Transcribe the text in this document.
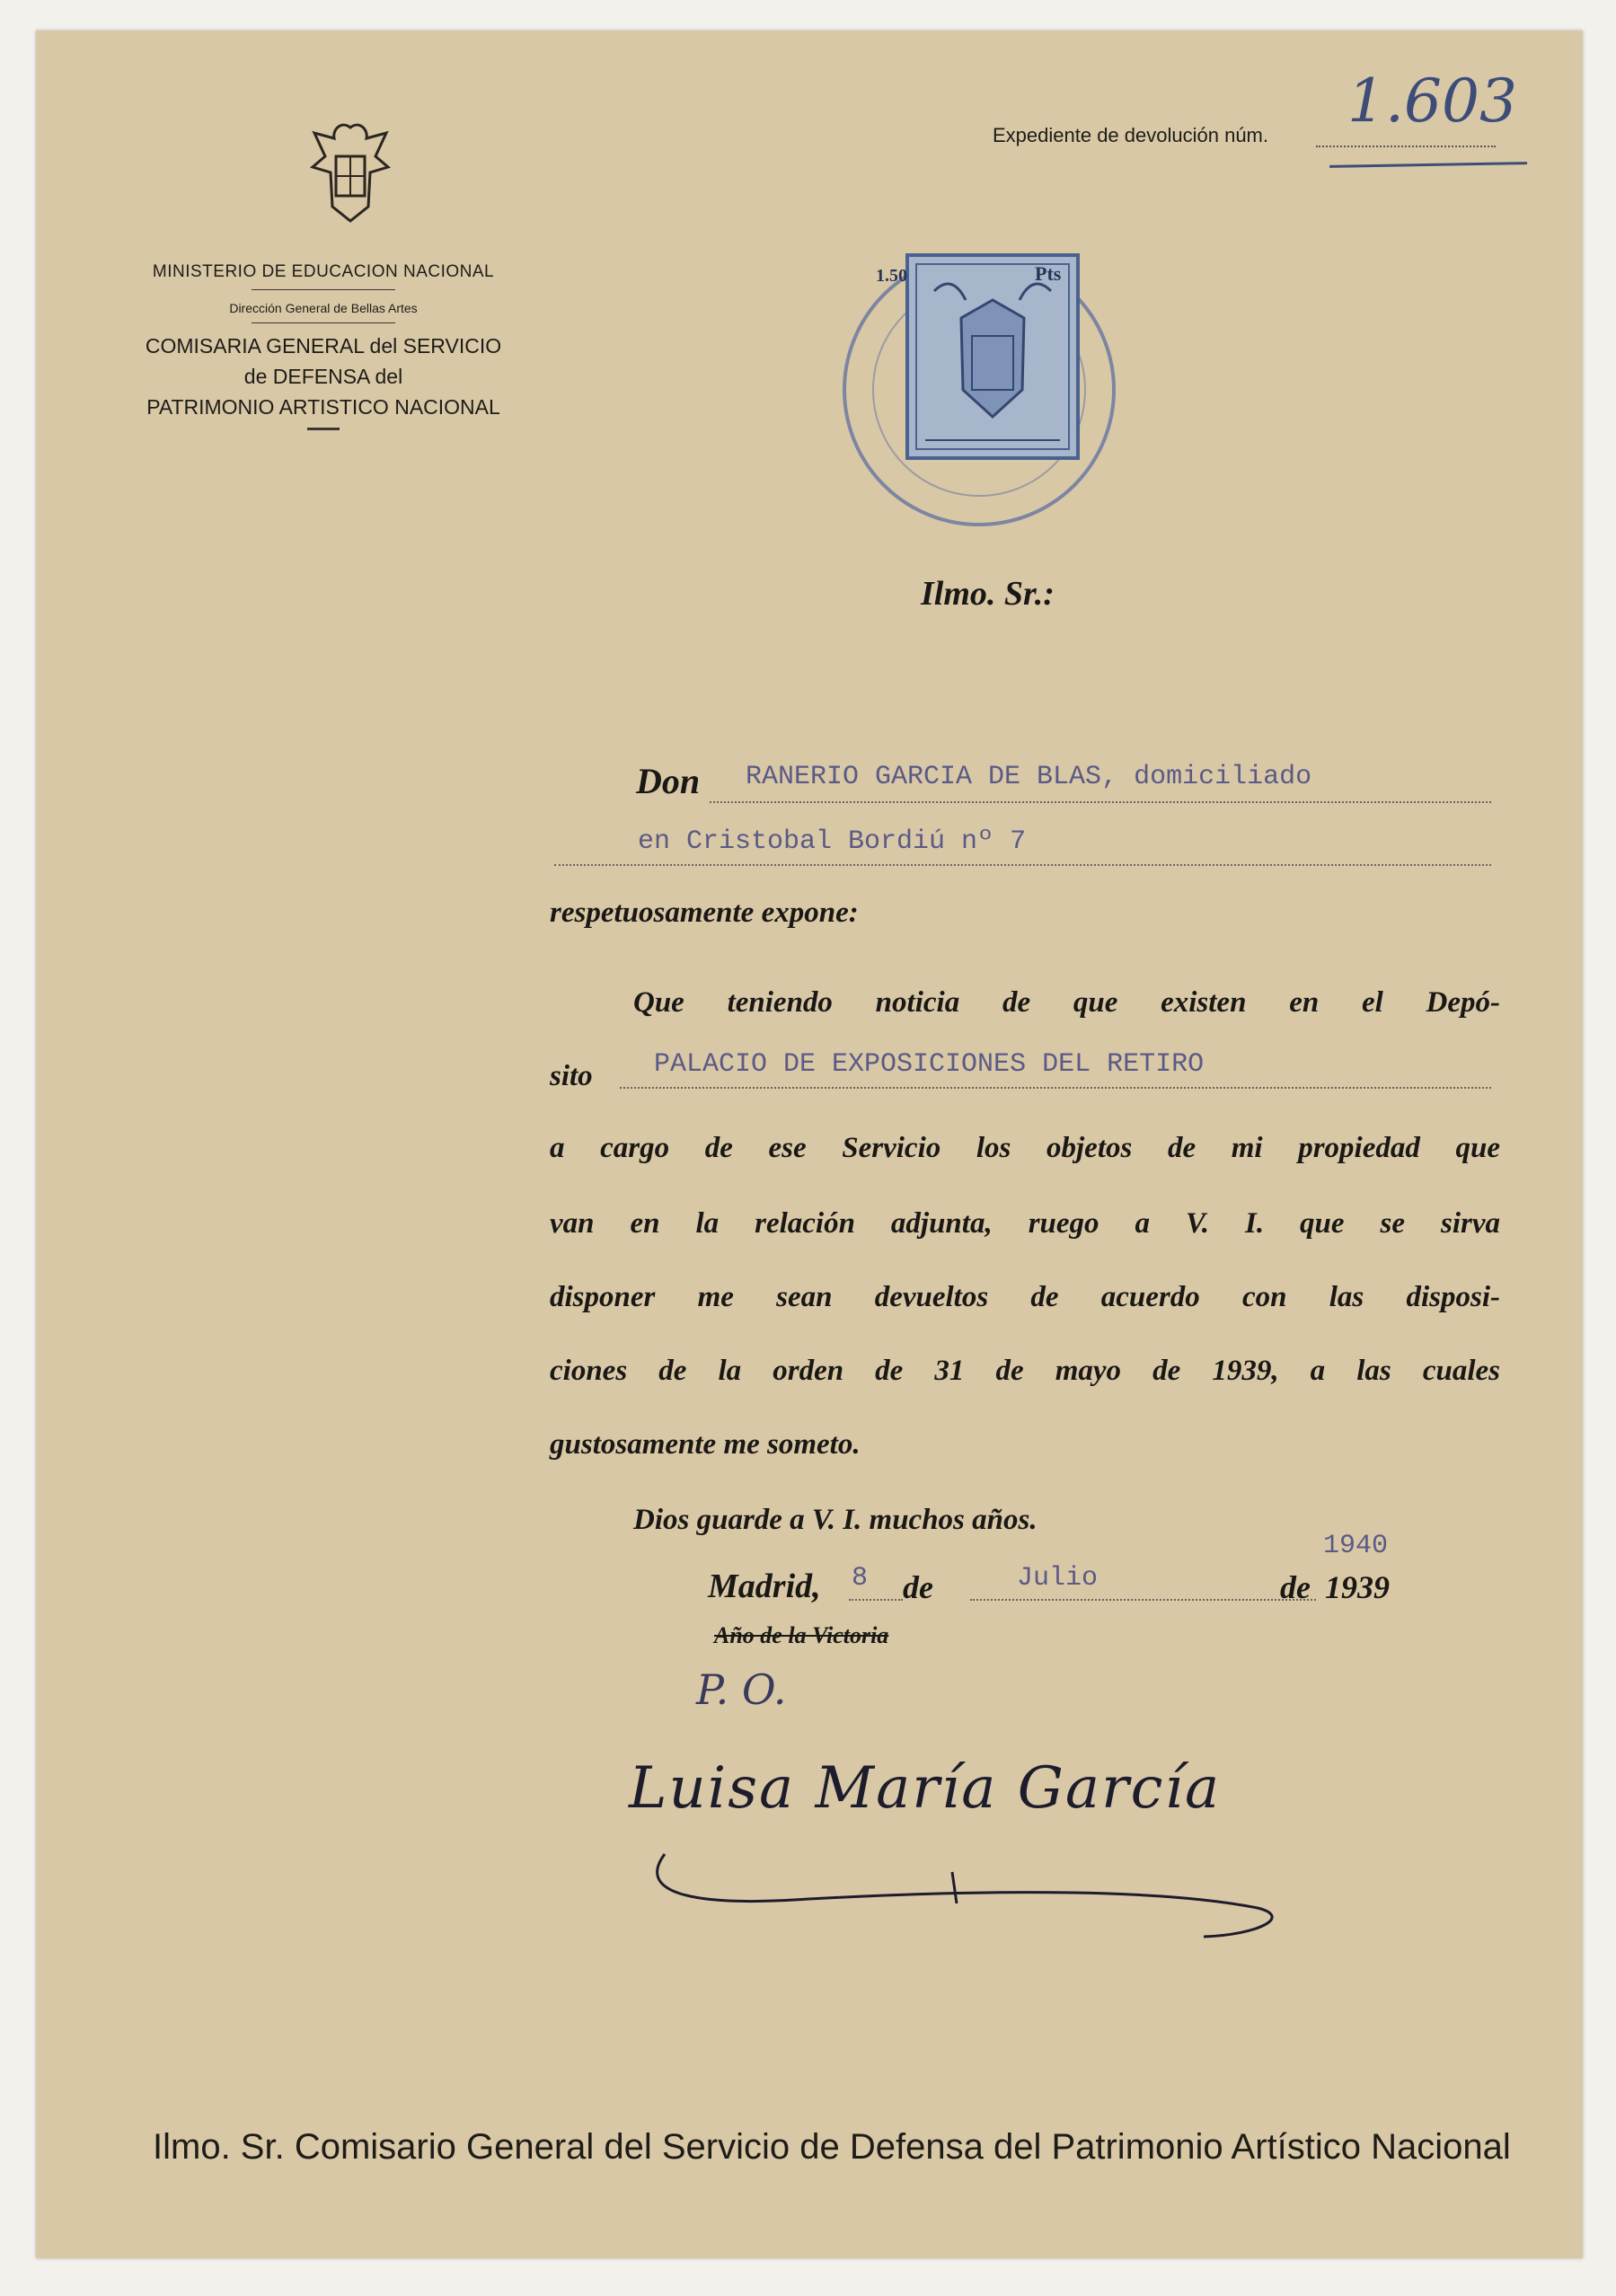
MINISTERIO DE EDUCACION NACIONAL
Dirección General de Bellas Artes
COMISARIA GENERAL del SERVICIO
de DEFENSA del
PATRIMONIO ARTISTICO NACIONAL
Expediente de devolución núm. 1.603
1.50	Pts
Ilmo. Sr.:
Don RANERIO GARCIA DE BLAS, domiciliado
en Cristobal Bordiú nº 7
respetuosamente expone:
Que teniendo noticia de que existen en el Depó-
sito PALACIO DE EXPOSICIONES DEL RETIRO
a cargo de ese Servicio los objetos de mi propiedad que
van en la relación adjunta, ruego a V. I. que se sirva
disponer me sean devueltos de acuerdo con las disposi-
ciones de la orden de 31 de mayo de 1939, a las cuales
gustosamente me someto.
Dios guarde a V. I. muchos años.
1940
Madrid, 8 de	Julio	de 1939
Año de la Victoria
P. O.
Luisa María García
Ilmo. Sr. Comisario General del Servicio de Defensa del Patrimonio Artístico Nacional
